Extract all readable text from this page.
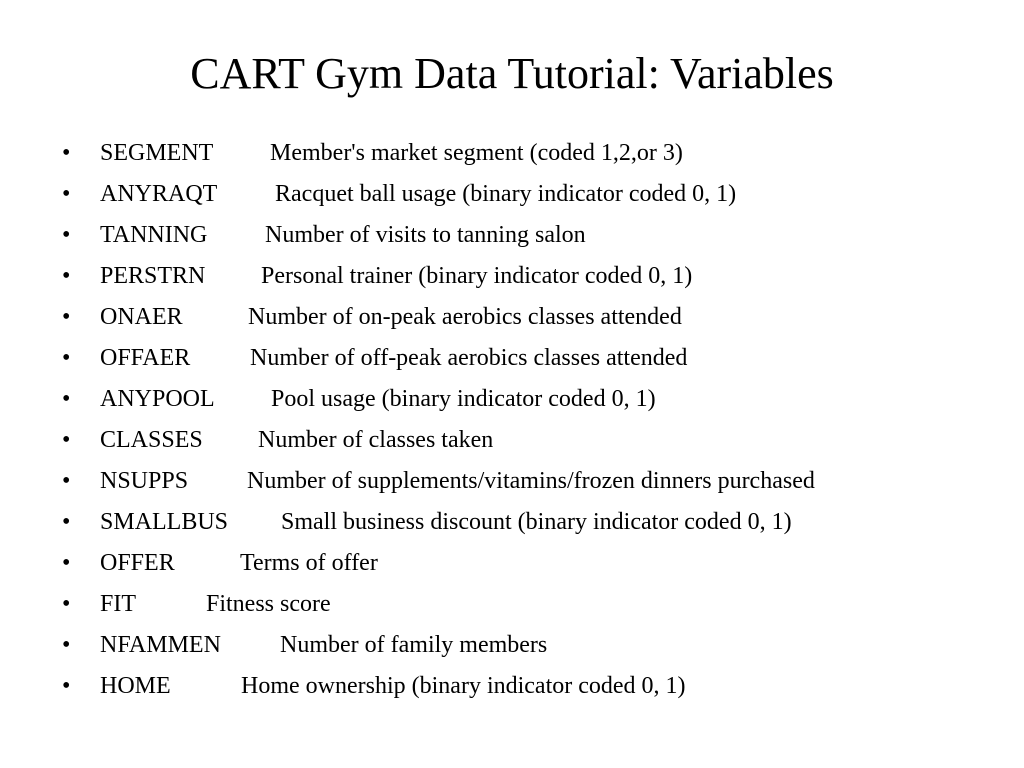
CART Gym Data Tutorial: Variables
•	SEGMENT	Member's market segment (coded 1,2,or 3)
•	ANYRAQT	Racquet ball usage (binary indicator coded 0, 1)
•	TANNING	Number of visits to tanning salon
•	PERSTRN	Personal trainer (binary indicator coded 0, 1)
•	ONAER	Number of on-peak aerobics classes attended
•	OFFAER	Number of off-peak aerobics classes attended
•	ANYPOOL	Pool usage (binary indicator coded 0, 1)
•	CLASSES	Number of classes taken
•	NSUPPS	Number of supplements/vitamins/frozen dinners purchased
•	SMALLBUS	Small business discount (binary indicator coded 0, 1)
•	OFFER	Terms of offer
•	FIT	Fitness score
•	NFAMMEN	Number of family members
•	HOME	Home ownership (binary indicator coded 0, 1)
